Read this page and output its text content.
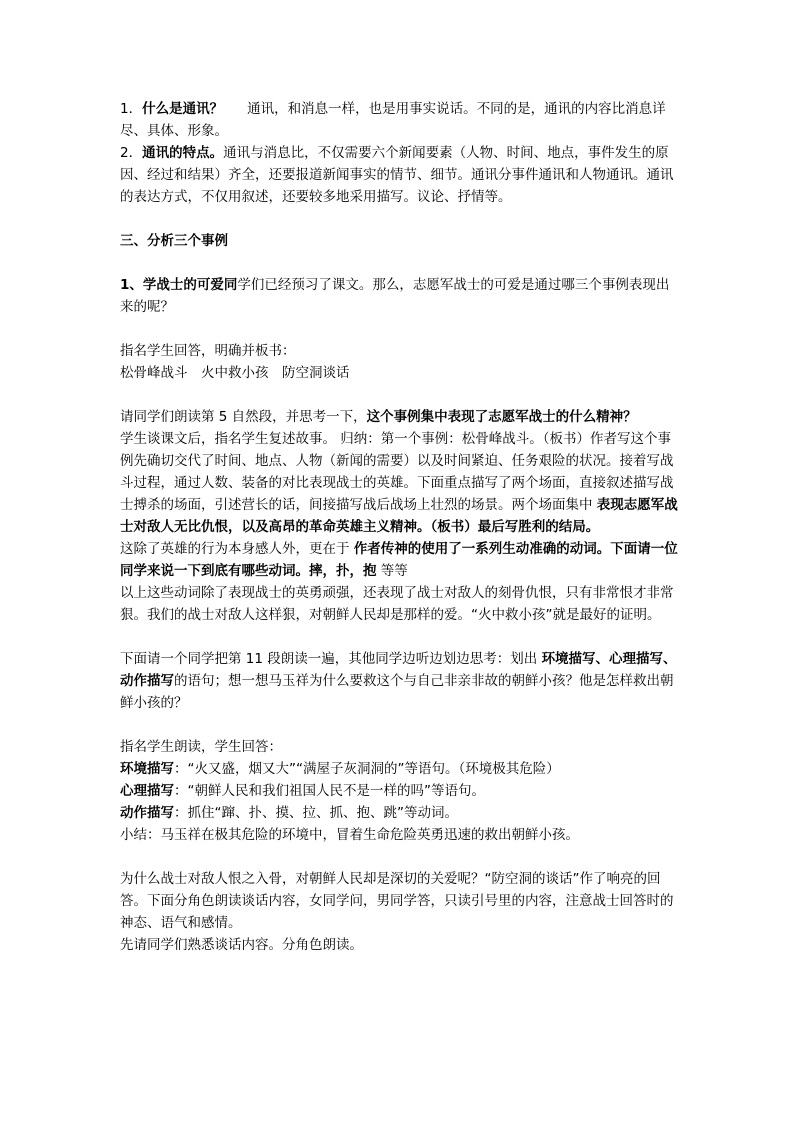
1．什么是通讯？ 通讯，和消息一样，也是用事实说话。不同的是，通讯的内容比消息详尽、具体、形象。

2．通讯的特点。通讯与消息比，不仅需要六个新闻要素（人物、时间、地点，事件发生的原因、经过和结果）齐全，还要报道新闻事实的情节、细节。通讯分事件通讯和人物通讯。通讯的表达方式，不仅用叙述，还要较多地采用描写。议论、抒情等。

三、分析三个事例

1、学战士的可爱同学们已经预习了课文。那么，志愿军战士的可爱是通过哪三个事例表现出来的呢？

指名学生回答，明确并板书：

松骨峰战斗　火中救小孩　防空洞谈话

请同学们朗读第 5 自然段，并思考一下，这个事例集中表现了志愿军战士的什么精神？

学生谈课文后，指名学生复述故事。 归纳：第一个事例：松骨峰战斗。（板书）作者写这个事例先确切交代了时间、地点、人物（新闻的需要）以及时间紧迫、任务艰险的状况。接着写战斗过程，通过人数、装备的对比表现战士的英雄。下面重点描写了两个场面，直接叙述描写战士搏杀的场面，引述营长的话，间接描写战后战场上壮烈的场景。两个场面集中 表现志愿军战士对敌人无比仇恨，以及高昂的革命英雄主义精神。（板书）最后写胜利的结局。

这除了英雄的行为本身感人外，更在于 作者传神的使用了一系列生动准确的动词。下面请一位同学来说一下到底有哪些动词。摔，扑，抱 等等

以上这些动词除了表现战士的英勇顽强，还表现了战士对敌人的刻骨仇恨，只有非常恨才非常狠。我们的战士对敌人这样狠，对朝鲜人民却是那样的爱。“火中救小孩”就是最好的证明。

下面请一个同学把第 11 段朗读一遍，其他同学边听边划边思考：划出 环境描写、心理描写、动作描写的语句；想一想马玉祥为什么要救这个与自己非亲非故的朝鲜小孩？他是怎样救出朝鲜小孩的？

指名学生朗读，学生回答：

环境描写：“火又盛，烟又大”“满屋子灰洞洞的”等语句。（环境极其危险）

心理描写：“朝鲜人民和我们祖国人民不是一样的吗”等语句。

动作描写：抓住“蹿、扑、摸、拉、抓、抱、跳”等动词。

小结：马玉祥在极其危险的环境中，冒着生命危险英勇迅速的救出朝鲜小孩。

为什么战士对敌人恨之入骨，对朝鲜人民却是深切的关爱呢？“防空洞的谈话”作了响亮的回答。下面分角色朗读谈话内容，女同学问，男同学答，只读引号里的内容，注意战士回答时的神态、语气和感情。

先请同学们熟悉谈话内容。分角色朗读。
